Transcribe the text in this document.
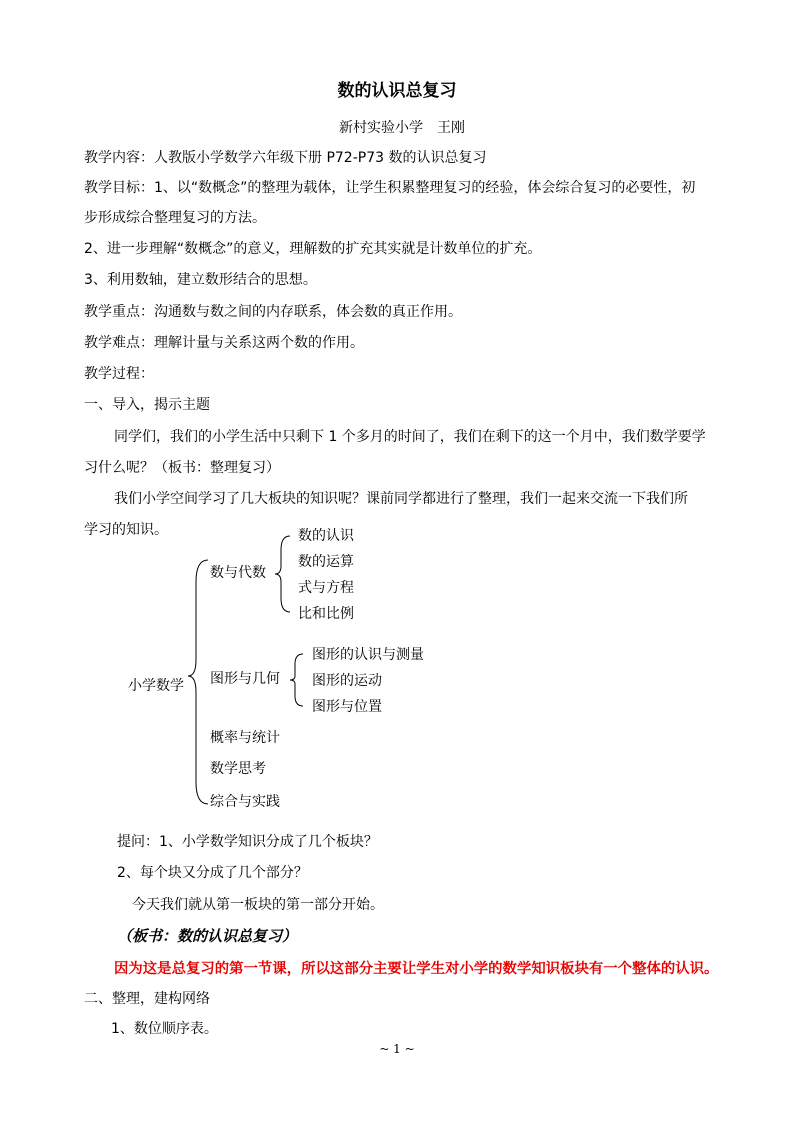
数的认识总复习
新村实验小学　王刚
教学内容：人教版小学数学六年级下册 P72-P73 数的认识总复习
教学目标：1、以“数概念”的整理为载体，让学生积累整理复习的经验，体会综合复习的必要性，初
步形成综合整理复习的方法。
2、进一步理解“数概念”的意义，理解数的扩充其实就是计数单位的扩充。
3、利用数轴，建立数形结合的思想。
教学重点：沟通数与数之间的内存联系，体会数的真正作用。
教学难点：理解计量与关系这两个数的作用。
教学过程：
一、导入，揭示主题
同学们，我们的小学生活中只剩下 1 个多月的时间了，我们在剩下的这一个月中，我们数学要学
习什么呢？（板书：整理复习）
我们小学空间学习了几大板块的知识呢？课前同学都进行了整理，我们一起来交流一下我们所
学习的知识。
小学数学
数与代数
数的认识
数的运算
式与方程
比和比例
图形与几何
图形的认识与测量
图形的运动
图形与位置
概率与统计
数学思考
综合与实践
提问：1、小学数学知识分成了几个板块？
2、每个块又分成了几个部分？
今天我们就从第一板块的第一部分开始。
（板书：数的认识总复习）
因为这是总复习的第一节课，所以这部分主要让学生对小学的数学知识板块有一个整体的认识。
二、整理，建构网络
1、数位顺序表。
~ 1 ~
